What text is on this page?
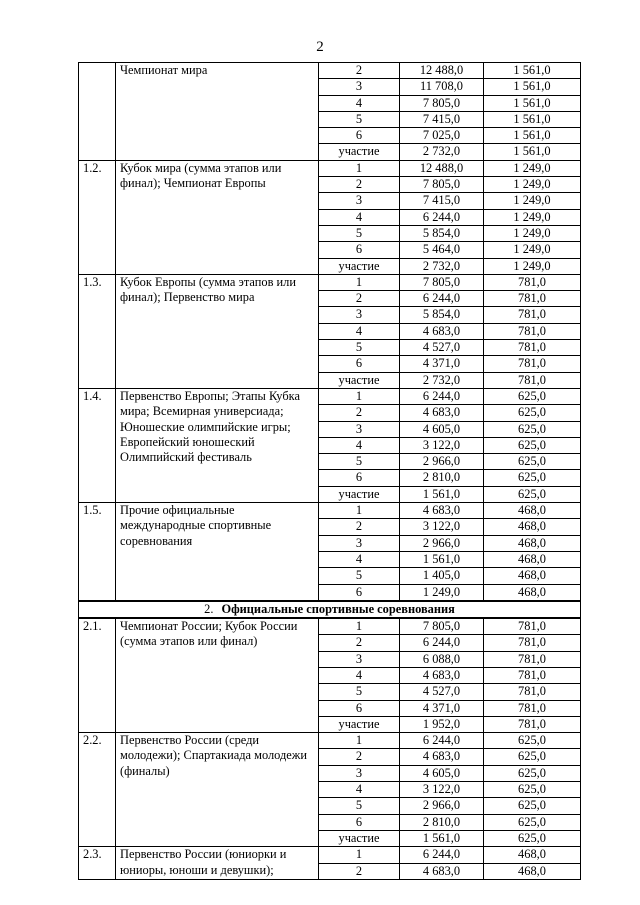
2
	Чемпионат мира	2	12 488,0	1 561,0
		3	11 708,0	1 561,0
		4	7 805,0	1 561,0
		5	7 415,0	1 561,0
		6	7 025,0	1 561,0
		участие	2 732,0	1 561,0
1.2.	Кубок мира (сумма этапов или финал); Чемпионат Европы	1	12 488,0	1 249,0
		2	7 805,0	1 249,0
		3	7 415,0	1 249,0
		4	6 244,0	1 249,0
		5	5 854,0	1 249,0
		6	5 464,0	1 249,0
		участие	2 732,0	1 249,0
1.3.	Кубок Европы (сумма этапов или финал); Первенство мира	1	7 805,0	781,0
		2	6 244,0	781,0
		3	5 854,0	781,0
		4	4 683,0	781,0
		5	4 527,0	781,0
		6	4 371,0	781,0
		участие	2 732,0	781,0
1.4.	Первенство Европы; Этапы Кубка мира; Всемирная универсиада; Юношеские олимпийские игры; Европейский юношеский Олимпийский фестиваль	1	6 244,0	625,0
		2	4 683,0	625,0
		3	4 605,0	625,0
		4	3 122,0	625,0
		5	2 966,0	625,0
		6	2 810,0	625,0
		участие	1 561,0	625,0
1.5.	Прочие официальные международные спортивные соревнования	1	4 683,0	468,0
		2	3 122,0	468,0
		3	2 966,0	468,0
		4	1 561,0	468,0
		5	1 405,0	468,0
		6	1 249,0	468,0
2. Официальные спортивные соревнования				
2.1.	Чемпионат России; Кубок России (сумма этапов или финал)	1	7 805,0	781,0
		2	6 244,0	781,0
		3	6 088,0	781,0
		4	4 683,0	781,0
		5	4 527,0	781,0
		6	4 371,0	781,0
		участие	1 952,0	781,0
2.2.	Первенство России (среди молодежи); Спартакиада молодежи (финалы)	1	6 244,0	625,0
		2	4 683,0	625,0
		3	4 605,0	625,0
		4	3 122,0	625,0
		5	2 966,0	625,0
		6	2 810,0	625,0
		участие	1 561,0	625,0
2.3.	Первенство России (юниорки и юниоры, юноши и девушки);	1	6 244,0	468,0
		2	4 683,0	468,0
